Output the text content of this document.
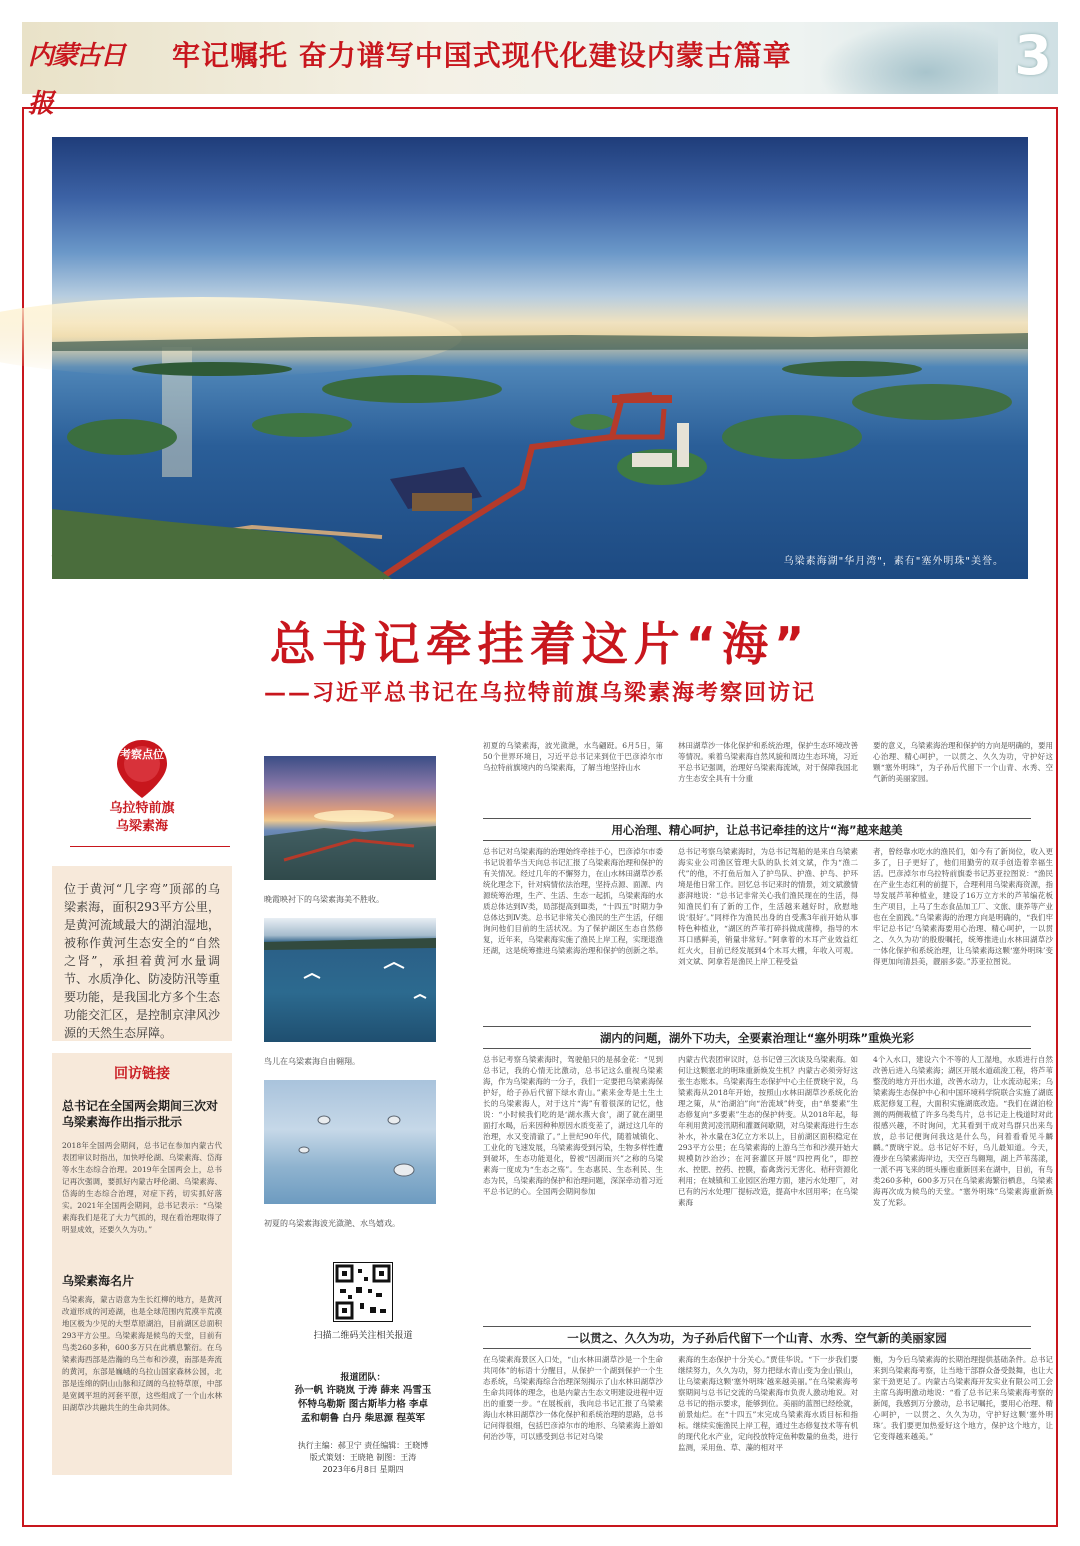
内蒙古日报
牢记嘱托 奋力谱写中国式现代化建设内蒙古篇章	3
乌梁素海湖"华月湾"，素有"塞外明珠"美誉。
总书记牵挂着这片“海”
——习近平总书记在乌拉特前旗乌梁素海考察回访记
考察点位
乌拉特前旗
乌梁素海
位于黄河“几字弯”顶部的乌梁素海，面积293平方公里，是黄河流域最大的湖泊湿地，被称作黄河生态安全的“自然之肾”，承担着黄河水量调节、水质净化、防凌防汛等重要功能，是我国北方多个生态功能交汇区，是控制京津风沙源的天然生态屏障。
回访链接
总书记在全国两会期间三次对乌梁素海作出指示批示
2018年全国两会期间，总书记在参加内蒙古代表团审议时指出，加快呼伦湖、乌梁素海、岱海等水生态综合治理。2019年全国两会上，总书记再次强调，要抓好内蒙古呼伦湖、乌梁素海、岱海的生态综合治理，对症下药，切实抓好落实。2021年全国两会期间，总书记表示：“乌梁素海我们是花了大力气抓的，现在看治理取得了明显成效，还要久久为功。”
乌梁素海名片
乌梁素海，蒙古语意为生长红柳的地方，是黄河改道形成的河迹湖，也是全球范围内荒漠半荒漠地区极为少见的大型草原湖泊，目前湖区总面积293平方公里。乌梁素海是候鸟的天堂，目前有鸟类260多种，600多万只在此栖息繁衍。在乌梁素海西部是浩瀚的乌兰布和沙漠，南部是奔流的黄河，东部是巍峨的乌拉山国家森林公园，北部是连绵的阴山山脉和辽阔的乌拉特草原，中部是宽阔平坦的河套平原，这些组成了一个山水林田湖草沙共融共生的生命共同体。
晚霞映衬下的乌梁素海美不胜收。
鸟儿在乌梁素海自由翱翔。
初夏的乌梁素海波光潋滟、水鸟嬉戏。
扫描二维码关注相关报道
报道团队：
孙一帆 许晓岚 于涛 薛来 冯雪玉
怀特乌勒斯 图古斯毕力格 李卓
孟和朝鲁 白丹 柴思源 程英军
执行主编：郝卫宁 责任编辑：王晓博
版式策划：王晓艳 制图：王涛
2023年6月8日 星期四
初夏的乌梁素海，波光潋滟，水鸟翩跹。6月5日，第50个世界环境日，习近平总书记来到位于巴彦淖尔市乌拉特前旗境内的乌梁素海，了解当地坚持山水
林田湖草沙一体化保护和系统治理，保护生态环境改善等情况。乘着乌梁素海自然风貌和周边生态环境，习近平总书记强调，治理好乌梁素海流域，对于保障我国北方生态安全具有十分重
要的意义，乌梁素海治理和保护的方向是明确的，要用心治理、精心呵护，一以贯之、久久为功，守护好这颗“塞外明珠”，为子孙后代留下一个山青、水秀、空气新的美丽家园。
用心治理、精心呵护，让总书记牵挂的这片“海”越来越美
总书记对乌梁素海的治理始终牵挂于心，巴彦淖尔市委书记说着华当天向总书记汇报了乌梁素海治理和保护的有关情况。经过几年的不懈努力，在山水林田湖草沙系统化理念下，针对病情依法治理，坚持点源、面源、内源统筹治理，生产、生活、生态一起抓，乌梁素海的水质总体达到Ⅳ类，局部提高到Ⅲ类，“十四五”时期力争总体达到Ⅳ类。总书记非常关心渔民的生产生活，仔细询问他们目前的生活状况。为了保护湖区生态自然修复，近年来，乌梁素海实施了渔民上岸工程，实现退渔还湖，这是统筹推进乌梁素海治理和保护的创新之举。
总书记考察乌梁素海时，为总书记驾船的是来自乌梁素海实业公司渔区管理大队的队长刘文斌，作为“渔二代”的他，不打鱼后加入了护鸟队、护渔、护鸟、护环境是他日常工作。回忆总书记来时的情景，刘文斌激情澎湃地说：“总书记非常关心我们渔民现在的生活，得知渔民们有了新的工作，生活越来越好时，欣慰地说‘很好’。”同样作为渔民出身的自受燕3年前开始从事特色种植业，“湖区的芦苇打碎抖做成菌棒，指导的木耳口感鲜美，销量非常好。”阿拿着的木耳产业效益红红火火，目前已经发展到4个木耳大棚，年收入可观。刘文斌、阿拿若是渔民上岸工程受益
者，曾经靠水吃水的渔民们，如今有了新岗位，收入更多了，日子更好了，他们用勤劳的双手创造着幸福生活。巴彦淖尔市乌拉特前旗委书记苏亚拉图说：“渔民在产业生态红利的前提下，合理利用乌梁素海资源，指导发展芦苇种植业，建设了16万立方米的芦苇编花板生产项目，上马了生态食品加工厂、文旅、康养等产业也在全面践。”乌梁素海的治理方向是明确的，“我们牢牢记总书记‘乌梁素海要用心治理、精心呵护，一以贯之、久久为功’的殷殷嘱托，统筹推进山水林田湖草沙一体化保护和系统治理，让乌梁素海这颗‘塞外明珠’变得更加向清县美，靓丽多姿。”苏亚拉图说。
湖内的问题，湖外下功夫，全要素治理让“塞外明珠”重焕光彩
总书记考察乌梁素海时，驾驶船只的是郝金花：“见到总书记，我的心情无比激动，总书记这么重视乌梁素海，作为乌梁素海的一分子，我们一定要把乌梁素海保护好，给子孙后代留下绿水青山。”素来金寿是土生土长的乌梁素海人，对于这片“海”有着很深的记忆，他说：“小时候我们吃的是‘湖水燕大食’，湖了就在湖里面打水喝，后来因种种原因水质变差了，湖过这几年的治理，水又变清澈了。”上世纪90年代，随着城镇化、工业化的飞速发展，乌梁素海受到污染，生物多样性遭到破坏，生态功能退化，曾被“因湖而兴”之称的乌梁素海一度成为“生态之殇”。生态惠民、生态利民、生态为民，乌梁素海的保护和治理问题，深深牵动着习近平总书记的心。全国两会期间参加
内蒙古代表团审议时，总书记曾三次谈及乌梁素海。如何让这颗塞北的明珠重新焕发生机？内蒙古必须旁好这张生态账本。乌梁素海生态保护中心主任贾晓宇说，乌梁素海从2018年开始，按照山水林田湖草沙系统化治理之策，从“治湖泊”向“治流域”转变，由“单要素”生态修复向“多要素”生态的保护转变。从2018年起，每年利用黄河凌汛期和灌溉间歇期，对乌梁素海进行生态补水，补水量在3亿立方米以上，目前湖区面积稳定在293平方公里；在乌梁素海的上游乌兰布和沙漠开始大规模防沙治沙；在河套灌区开展“四控两化”，即控水、控肥、控药、控膜，畜禽粪污无害化、秸秆资源化利用；在城镇和工业园区治理方面，建污水处理厂，对已有的污水处理厂提标改造，提高中水回用率；在乌梁素海
4个入水口，建设六个不等的人工湿地，水质进行自然改善后进入乌梁素海；湖区开展水道疏浚工程，将芦苇整茂的地方开出水道，改善水动力，让水流动起来；乌梁素海生态保护中心和中国环境科学院联合实施了湖底底泥修复工程，大面积实施湖底改造。“我们在湖泊检测的两侧栽植了许多乌类鸟片，总书记走上栈道时对此很感兴趣，不时询问，尤其看到干成对鸟群只出来鸟放，总书记便询问我这是什么鸟，问着看看见斗麟麟。”贾晓宇说。总书记好不好，乌儿最知道。今天，漫步在乌梁素海岸边，天空百鸟翱翔，湖上芦苇荡漾，一派不再飞来的斑头雁也重新回来在湖中，目前，有鸟类260多种，600多万只在乌梁素海繁衍栖息，乌梁素海再次成为候鸟的天堂。“塞外明珠”乌梁素海重新焕发了光彩。
一以贯之、久久为功，为子孙后代留下一个山青、水秀、空气新的美丽家园
在乌梁素海景区入口处，“山水林田湖草沙是一个生命共同体”的标语十分醒目，从保护一个湖到保护一个生态系统，乌梁素海综合治理深刻揭示了山水林田湖草沙生命共同体的理念，也是内蒙古生态文明建设进程中迈出的重要一步。“在展板前，我向总书记汇报了乌梁素海山水林田湖草沙一体化保护和系统治理的思路，总书记问得很细，包括巴彦淖尔市的地形、乌梁素海上游如何治沙等，可以感受到总书记对乌梁
素海的生态保护十分关心。”贾佳华说。“下一步我们要继续努力，久久为功，努力把绿水青山变为金山银山，让乌梁素海这颗‘塞外明珠’越来越美丽。”在乌梁素海考察期间与总书记交流的乌梁素海市负责人激动地说。对总书记的指示要求，能够到位。美丽的蓝图已经绘就，前景灿烂。在“十四五”末完成乌梁素海水质目标和指标。继续实施渔民上岸工程，通过生态修复技术等有机的现代化水产业，定向投放特定鱼种数量的鱼类，进行监测，采用鱼、草、藻的相对平
衡，为今后乌梁素海的长期治理提供基础条件。总书记来到乌梁素海考察，让当地干部群众备受鼓舞，也让大家干劲更足了。内蒙古乌梁素海开发实业有限公司工会主席乌海明激动地说：“看了总书记来乌梁素海考察的新闻，我感到万分激动，总书记嘱托，要用心治理、精心呵护，一以贯之、久久为功，守护好这颗‘塞外明珠’。我们要更加热爱好这个地方，保护这个地方，让它变得越来越美。”
